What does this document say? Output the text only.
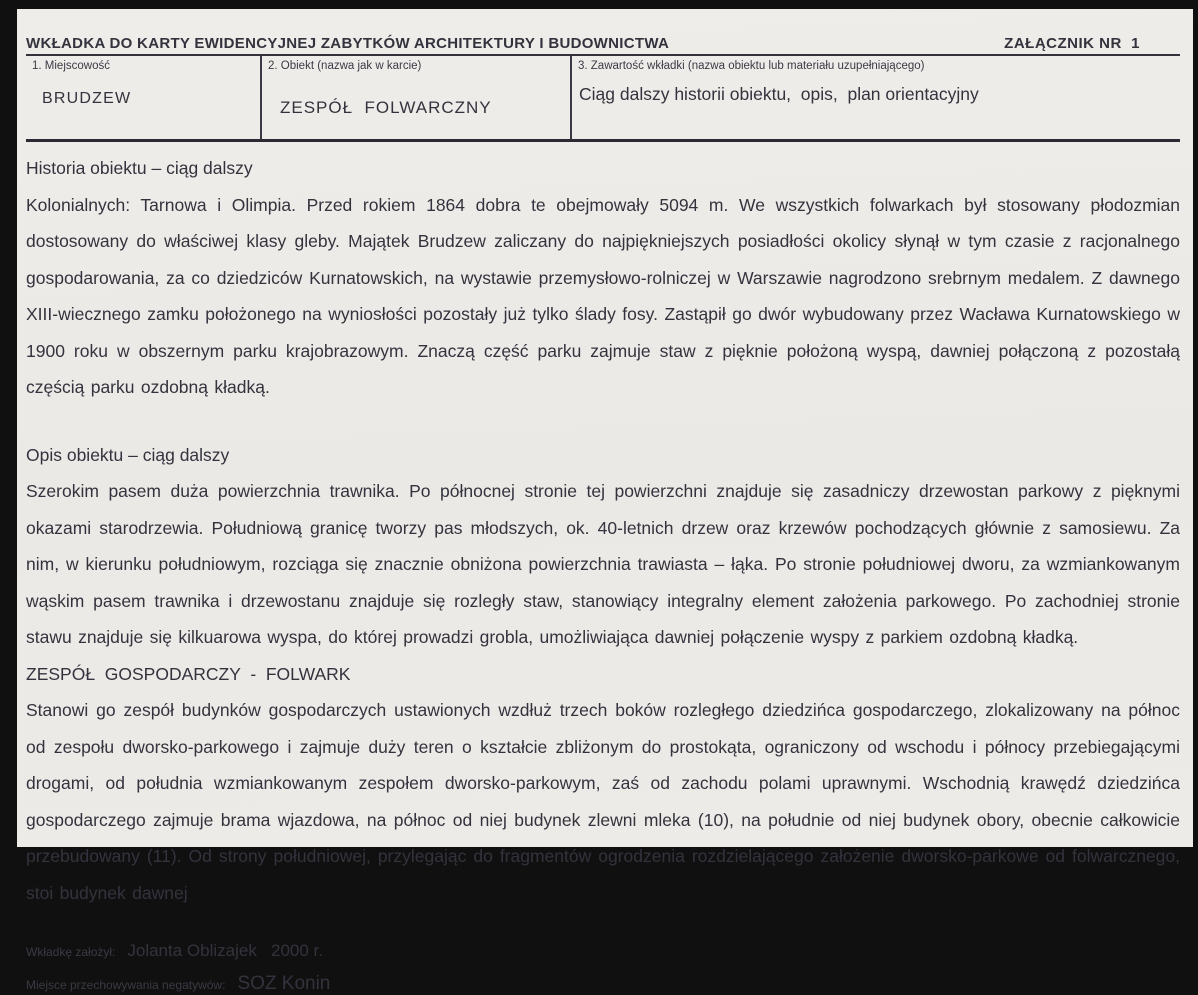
WKŁADKA DO KARTY EWIDENCYJNEJ ZABYTKÓW ARCHITEKTURY I BUDOWNICTWA	ZAŁĄCZNIK NR  1
1. Miejscowość
BRUDZEW
2. Obiekt (nazwa jak w karcie)
ZESPÓŁ  FOLWARCZNY
3. Zawartość wkładki (nazwa obiektu lub materiału uzupełniającego)
Ciąg dalszy historii obiektu,  opis,  plan orientacyjny
Historia obiektu – ciąg dalszy
Kolonialnych: Tarnowa i Olimpia. Przed rokiem 1864 dobra te obejmowały 5094 m. We wszystkich folwarkach był stosowany płodozmian dostosowany do właściwej klasy gleby. Majątek Brudzew zaliczany do najpiękniejszych posiadłości okolicy słynął w tym czasie z racjonalnego gospodarowania, za co dziedziców Kurnatowskich, na wystawie przemysłowo-rolniczej w Warszawie nagrodzono srebrnym medalem. Z dawnego XIII-wiecznego zamku położonego na wyniosłości pozostały już tylko ślady fosy. Zastąpił go dwór wybudowany przez Wacława Kurnatowskiego w 1900 roku w obszernym parku krajobrazowym. Znaczą część parku zajmuje staw z pięknie położoną wyspą, dawniej połączoną z pozostałą częścią parku ozdobną kładką.
Opis obiektu – ciąg dalszy
Szerokim pasem duża powierzchnia trawnika. Po północnej stronie tej powierzchni znajduje się zasadniczy drzewostan parkowy z pięknymi okazami starodrzewia. Południową granicę tworzy pas młodszych, ok. 40-letnich drzew oraz krzewów pochodzących głównie z samosiewu. Za nim, w kierunku południowym, rozciąga się znacznie obniżona powierzchnia trawiasta – łąka. Po stronie południowej dworu, za wzmiankowanym wąskim pasem trawnika i drzewostanu znajduje się rozległy staw, stanowiący integralny element założenia parkowego. Po zachodniej stronie stawu znajduje się kilkuarowa wyspa, do której prowadzi grobla, umożliwiająca dawniej połączenie wyspy z parkiem ozdobną kładką.
ZESPÓŁ  GOSPODARCZY  -  FOLWARK
Stanowi go zespół budynków gospodarczych ustawionych wzdłuż trzech boków rozległego dziedzińca gospodarczego, zlokalizowany na północ od zespołu dworsko-parkowego i zajmuje duży teren o kształcie zbliżonym do prostokąta, ograniczony od wschodu i północy przebiegającymi drogami, od południa wzmiankowanym zespołem dworsko-parkowym, zaś od zachodu polami uprawnymi. Wschodnią krawędź dziedzińca gospodarczego zajmuje brama wjazdowa, na północ od niej budynek zlewni mleka (10), na południe od niej budynek obory, obecnie całkowicie przebudowany (11). Od strony południowej, przylegając do fragmentów ogrodzenia rozdzielającego założenie dworsko-parkowe od folwarcznego, stoi budynek dawnej
Wkładkę założył: Jolanta Oblizajek   2000 r.
Miejsce przechowywania negatywów: SOZ Konin
